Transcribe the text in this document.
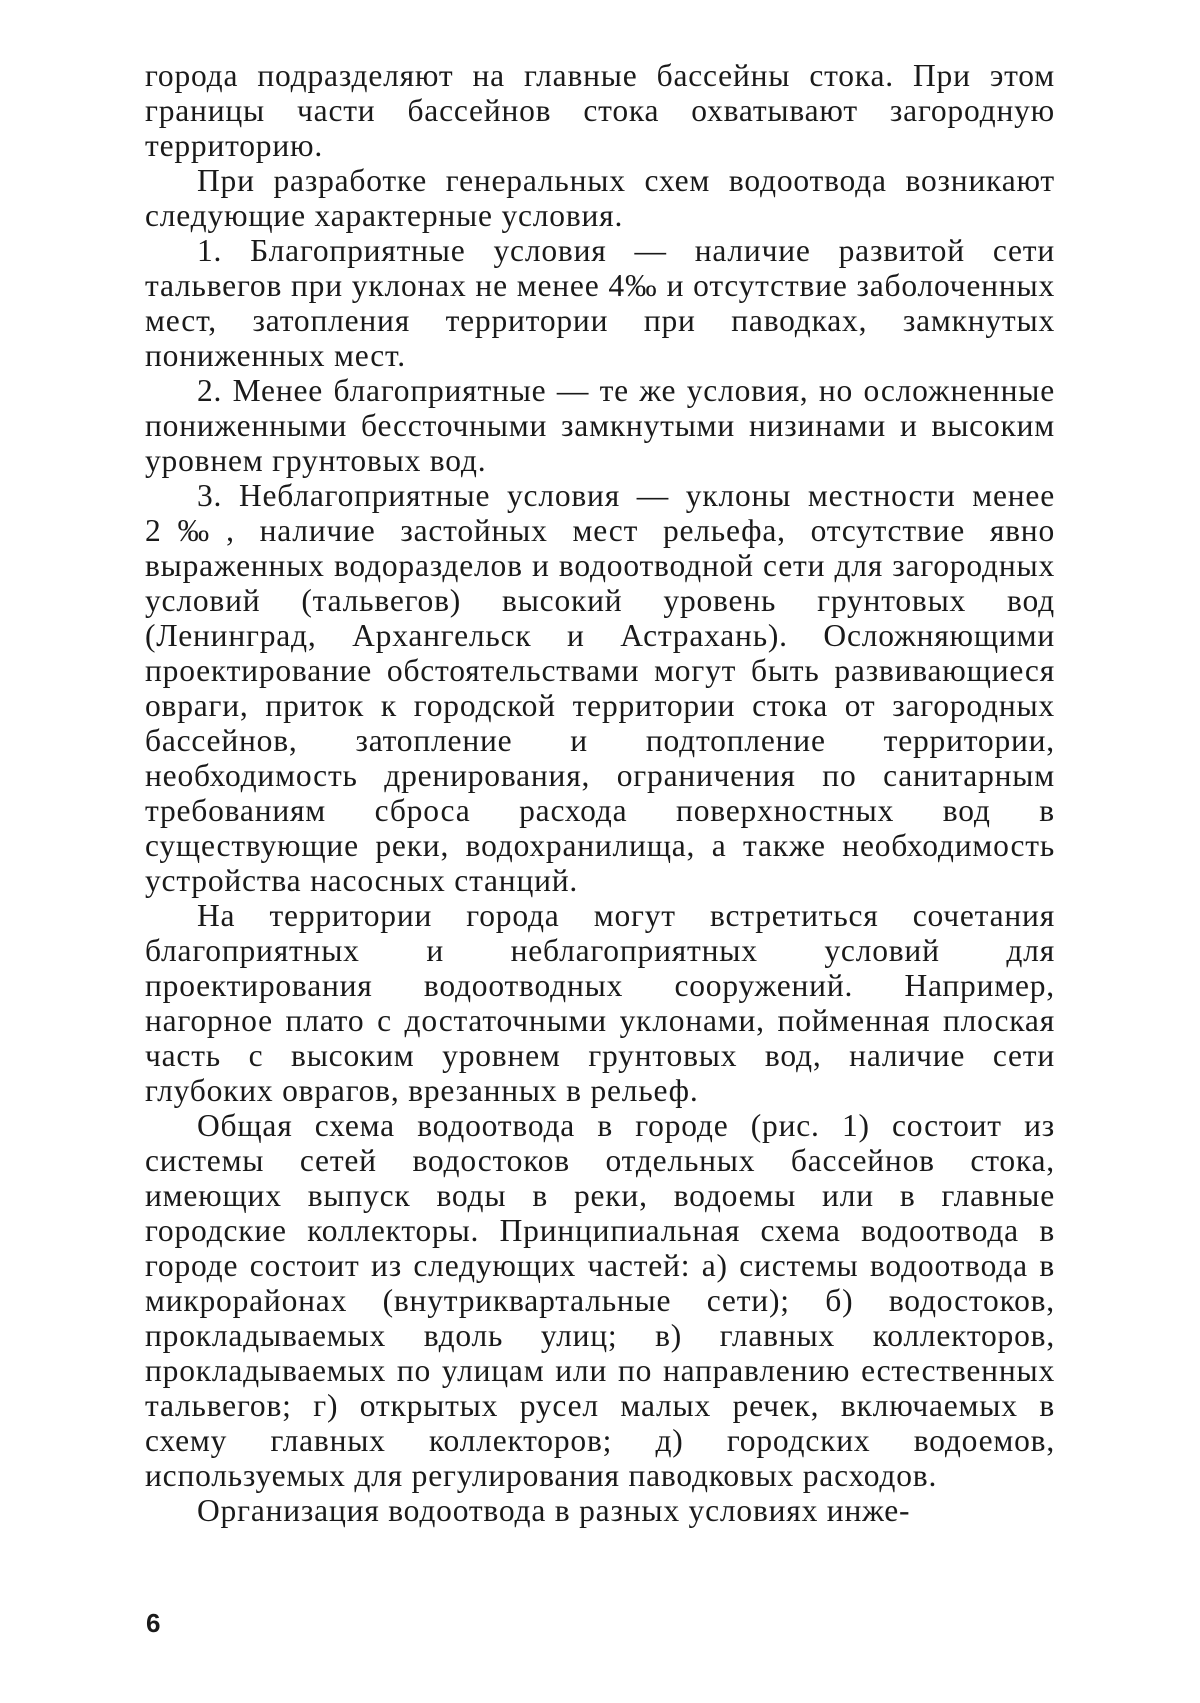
города подразделяют на главные бассейны стока. При этом границы части бассейнов стока охватывают загородную территорию.

При разработке генеральных схем водоотвода возникают следующие характерные условия.

1. Благоприятные условия — наличие развитой сети тальвегов при уклонах не менее 4‰ и отсутствие заболоченных мест, затопления территории при паводках, замкнутых пониженных мест.

2. Менее благоприятные — те же условия, но осложненные пониженными бессточными замкнутыми низинами и высоким уровнем грунтовых вод.

3. Неблагоприятные условия — уклоны местности менее 2‰, наличие застойных мест рельефа, отсутствие явно выраженных водоразделов и водоотводной сети для загородных условий (тальвегов) высокий уровень грунтовых вод (Ленинград, Архангельск и Астрахань). Осложняющими проектирование обстоятельствами могут быть развивающиеся овраги, приток к городской территории стока от загородных бассейнов, затопление и подтопление территории, необходимость дренирования, ограничения по санитарным требованиям сброса расхода поверхностных вод в существующие реки, водохранилища, а также необходимость устройства насосных станций.

На территории города могут встретиться сочетания благоприятных и неблагоприятных условий для проектирования водоотводных сооружений. Например, нагорное плато с достаточными уклонами, пойменная плоская часть с высоким уровнем грунтовых вод, наличие сети глубоких оврагов, врезанных в рельеф.

Общая схема водоотвода в городе (рис. 1) состоит из системы сетей водостоков отдельных бассейнов стока, имеющих выпуск воды в реки, водоемы или в главные городские коллекторы. Принципиальная схема водоотвода в городе состоит из следующих частей: а) системы водоотвода в микрорайонах (внутриквартальные сети); б) водостоков, прокладываемых вдоль улиц; в) главных коллекторов, прокладываемых по улицам или по направлению естественных тальвегов; г) открытых русел малых речек, включаемых в схему главных коллекторов; д) городских водоемов, используемых для регулирования паводковых расходов.

Организация водоотвода в разных условиях инже-

6
